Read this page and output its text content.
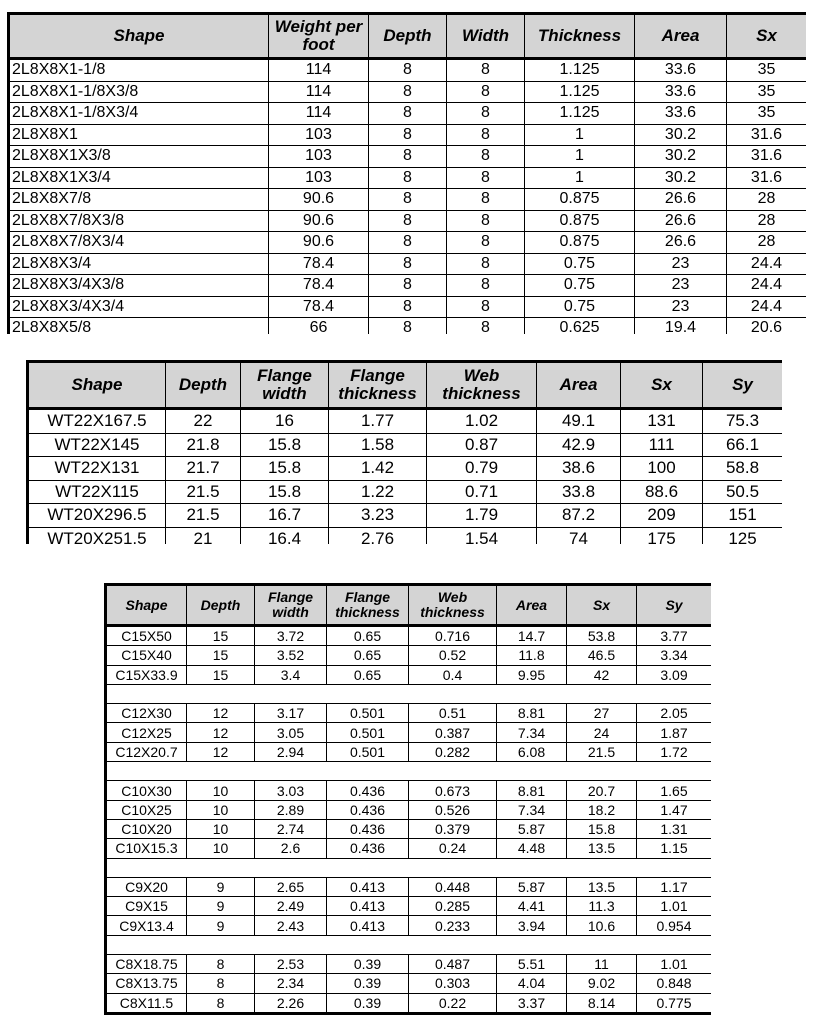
Shape	Weight per foot	Depth	Width	Thickness	Area	Sx
2L8X8X1-1/8	114	8	8	1.125	33.6	35
2L8X8X1-1/8X3/8	114	8	8	1.125	33.6	35
2L8X8X1-1/8X3/4	114	8	8	1.125	33.6	35
2L8X8X1	103	8	8	1	30.2	31.6
2L8X8X1X3/8	103	8	8	1	30.2	31.6
2L8X8X1X3/4	103	8	8	1	30.2	31.6
2L8X8X7/8	90.6	8	8	0.875	26.6	28
2L8X8X7/8X3/8	90.6	8	8	0.875	26.6	28
2L8X8X7/8X3/4	90.6	8	8	0.875	26.6	28
2L8X8X3/4	78.4	8	8	0.75	23	24.4
2L8X8X3/4X3/8	78.4	8	8	0.75	23	24.4
2L8X8X3/4X3/4	78.4	8	8	0.75	23	24.4
2L8X8X5/8	66	8	8	0.625	19.4	20.6
Shape	Depth	Flange width	Flange thickness	Web thickness	Area	Sx	Sy
WT22X167.5	22	16	1.77	1.02	49.1	131	75.3
WT22X145	21.8	15.8	1.58	0.87	42.9	111	66.1
WT22X131	21.7	15.8	1.42	0.79	38.6	100	58.8
WT22X115	21.5	15.8	1.22	0.71	33.8	88.6	50.5
WT20X296.5	21.5	16.7	3.23	1.79	87.2	209	151
WT20X251.5	21	16.4	2.76	1.54	74	175	125
Shape	Depth	Flange width	Flange thickness	Web thickness	Area	Sx	Sy
C15X50	15	3.72	0.65	0.716	14.7	53.8	3.77
C15X40	15	3.52	0.65	0.52	11.8	46.5	3.34
C15X33.9	15	3.4	0.65	0.4	9.95	42	3.09

C12X30	12	3.17	0.501	0.51	8.81	27	2.05
C12X25	12	3.05	0.501	0.387	7.34	24	1.87
C12X20.7	12	2.94	0.501	0.282	6.08	21.5	1.72

C10X30	10	3.03	0.436	0.673	8.81	20.7	1.65
C10X25	10	2.89	0.436	0.526	7.34	18.2	1.47
C10X20	10	2.74	0.436	0.379	5.87	15.8	1.31
C10X15.3	10	2.6	0.436	0.24	4.48	13.5	1.15

C9X20	9	2.65	0.413	0.448	5.87	13.5	1.17
C9X15	9	2.49	0.413	0.285	4.41	11.3	1.01
C9X13.4	9	2.43	0.413	0.233	3.94	10.6	0.954

C8X18.75	8	2.53	0.39	0.487	5.51	11	1.01
C8X13.75	8	2.34	0.39	0.303	4.04	9.02	0.848
C8X11.5	8	2.26	0.39	0.22	3.37	8.14	0.775
